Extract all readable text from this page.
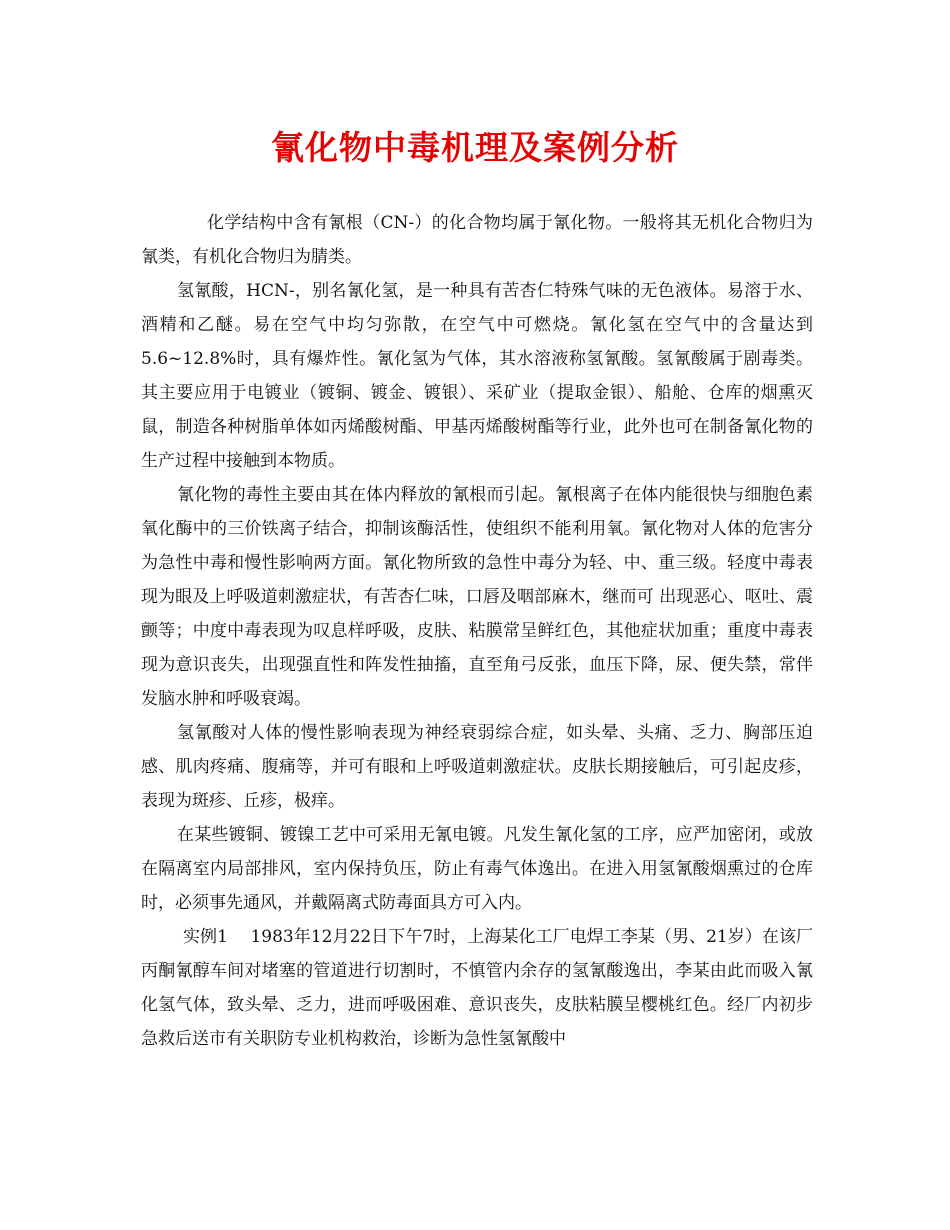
氰化物中毒机理及案例分析

化学结构中含有氰根（CN-）的化合物均属于氰化物。一般将其无机化合物归为氰类，有机化合物归为腈类。

氢氰酸，HCN-，别名氰化氢，是一种具有苦杏仁特殊气味的无色液体。易溶于水、酒精和乙醚。易在空气中均匀弥散，在空气中可燃烧。氰化氢在空气中的含量达到5.6~12.8%时，具有爆炸性。氰化氢为气体，其水溶液称氢氰酸。氢氰酸属于剧毒类。其主要应用于电镀业（镀铜、镀金、镀银）、采矿业（提取金银）、船舱、仓库的烟熏灭鼠，制造各种树脂单体如丙烯酸树酯、甲基丙烯酸树酯等行业，此外也可在制备氰化物的生产过程中接触到本物质。

氰化物的毒性主要由其在体内释放的氰根而引起。氰根离子在体内能很快与细胞色素氧化酶中的三价铁离子结合，抑制该酶活性，使组织不能利用氧。氰化物对人体的危害分为急性中毒和慢性影响两方面。氰化物所致的急性中毒分为轻、中、重三级。轻度中毒表现为眼及上呼吸道刺激症状，有苦杏仁味，口唇及咽部麻木，继而可 出现恶心、呕吐、震颤等；中度中毒表现为叹息样呼吸，皮肤、粘膜常呈鲜红色，其他症状加重；重度中毒表现为意识丧失，出现强直性和阵发性抽搐，直至角弓反张，血压下降，尿、便失禁，常伴发脑水肿和呼吸衰竭。

氢氰酸对人体的慢性影响表现为神经衰弱综合症，如头晕、头痛、乏力、胸部压迫感、肌肉疼痛、腹痛等，并可有眼和上呼吸道刺激症状。皮肤长期接触后，可引起皮疹，表现为斑疹、丘疹，极痒。

在某些镀铜、镀镍工艺中可采用无氰电镀。凡发生氰化氢的工序，应严加密闭，或放在隔离室内局部排风，室内保持负压，防止有毒气体逸出。在进入用氢氰酸烟熏过的仓库时，必须事先通风，并戴隔离式防毒面具方可入内。

实例1　 1983年12月22日下午7时，上海某化工厂电焊工李某（男、21岁）在该厂丙酮氰醇车间对堵塞的管道进行切割时，不慎管内余存的氢氰酸逸出，李某由此而吸入氰化氢气体，致头晕、乏力，进而呼吸困难、意识丧失，皮肤粘膜呈樱桃红色。经厂内初步急救后送市有关职防专业机构救治，诊断为急性氢氰酸中
